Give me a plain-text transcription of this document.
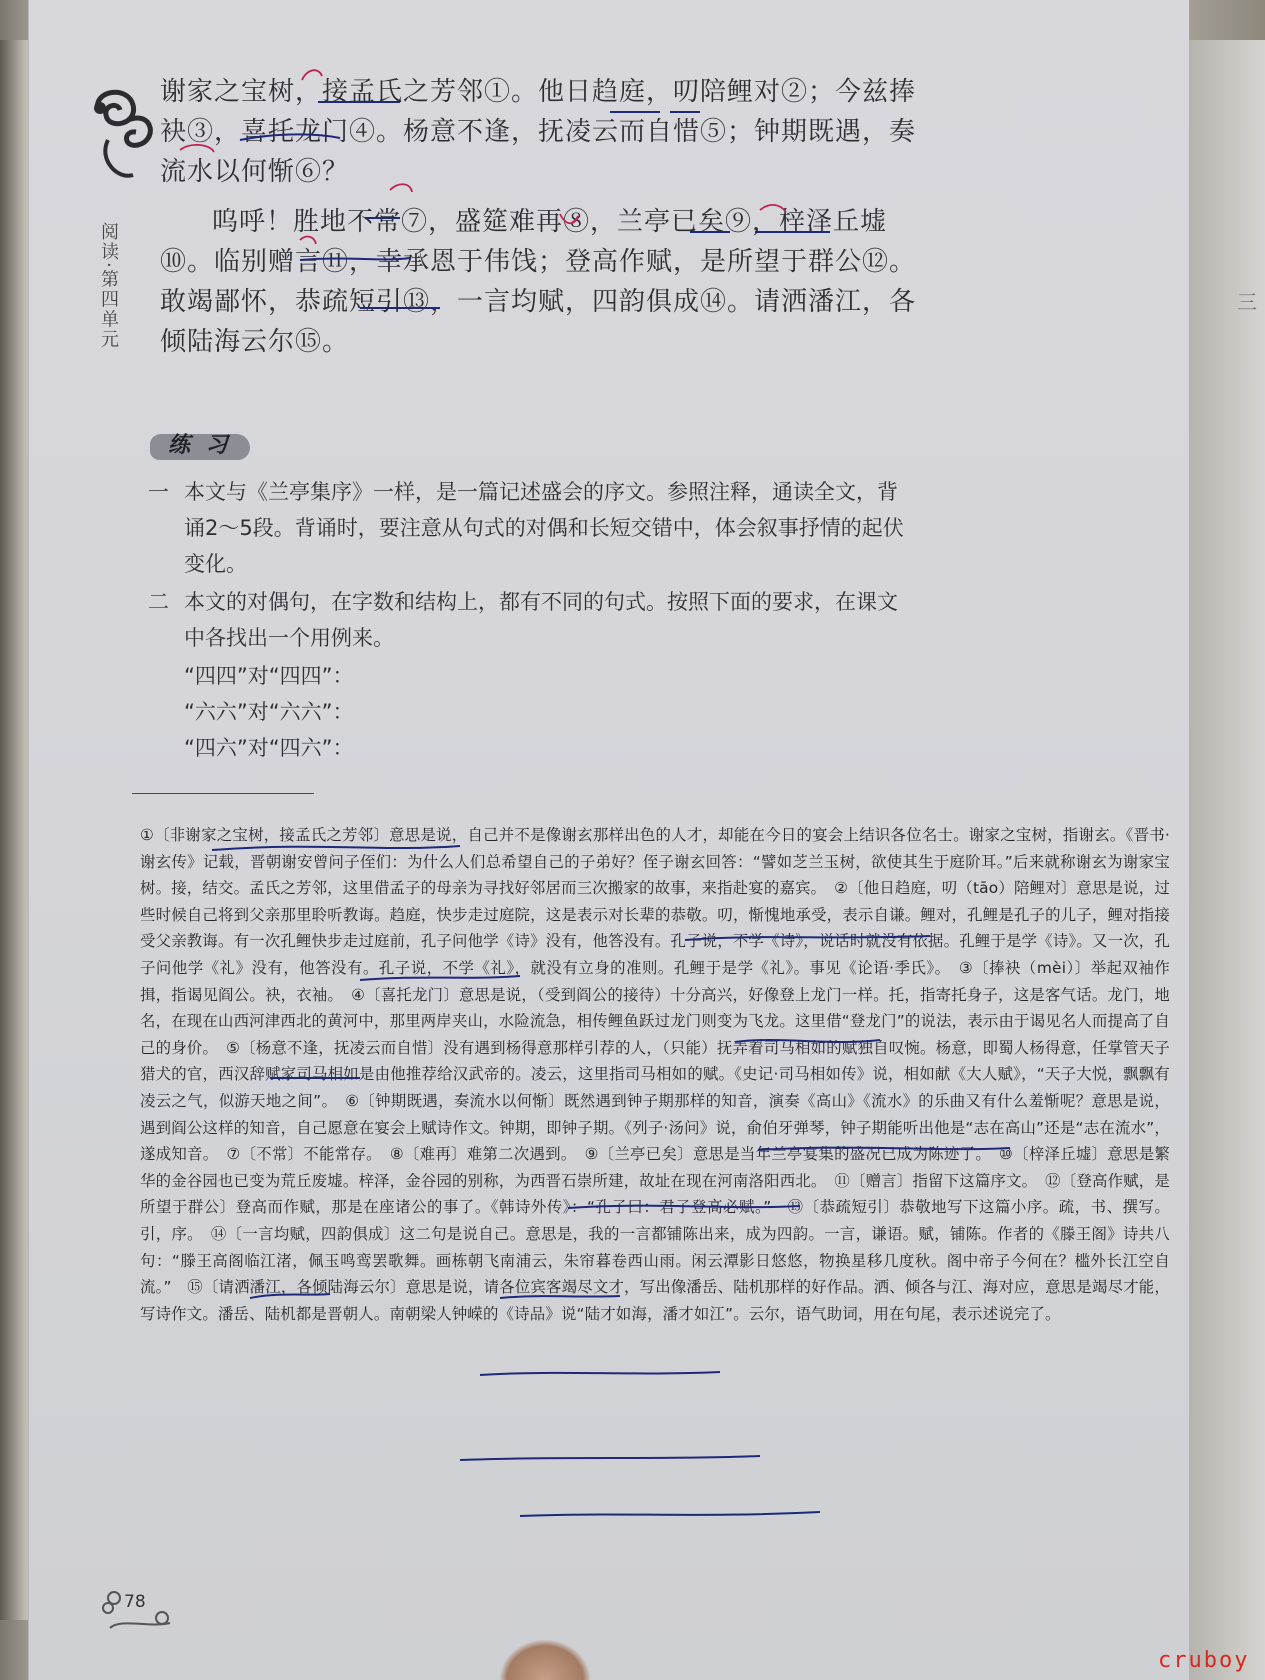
三
阅读·第四单元

谢家之宝树，接孟氏之芳邻①。他日趋庭，叨陪鲤对②；今兹捧袂③，喜托龙门④。杨意不逢，抚凌云而自惜⑤；钟期既遇，奏流水以何惭⑥？

呜呼！胜地不常⑦，盛筵难再⑧，兰亭已矣⑨，梓泽丘墟⑩。临别赠言⑪，幸承恩于伟饯；登高作赋，是所望于群公⑫。敢竭鄙怀，恭疏短引⑬，一言均赋，四韵俱成⑭。请洒潘江，各倾陆海云尔⑮。

练 习
一 本文与《兰亭集序》一样，是一篇记述盛会的序文。参照注释，通读全文，背诵2～5段。背诵时，要注意从句式的对偶和长短交错中，体会叙事抒情的起伏变化。
二 本文的对偶句，在字数和结构上，都有不同的句式。按照下面的要求，在课文中各找出一个用例来。
“四四”对“四四”：
“六六”对“六六”：
“四六”对“四六”：
①〔非谢家之宝树，接孟氏之芳邻〕意思是说，自己并不是像谢玄那样出色的人才，却能在今日的宴会上结识各位名士。谢家之宝树，指谢玄。《晋书·谢玄传》记载，晋朝谢安曾问子侄们：为什么人们总希望自己的子弟好？侄子谢玄回答：“譬如芝兰玉树，欲使其生于庭阶耳。”后来就称谢玄为谢家宝树。接，结交。孟氏之芳邻，这里借孟子的母亲为寻找好邻居而三次搬家的故事，来指赴宴的嘉宾。　②〔他日趋庭，叨（tāo）陪鲤对〕意思是说，过些时候自己将到父亲那里聆听教诲。趋庭，快步走过庭院，这是表示对长辈的恭敬。叨，惭愧地承受，表示自谦。鲤对，孔鲤是孔子的儿子，鲤对指接受父亲教诲。有一次孔鲤快步走过庭前，孔子问他学《诗》没有，他答没有。孔子说，不学《诗》，说话时就没有依据。孔鲤于是学《诗》。又一次，孔子问他学《礼》没有，他答没有。孔子说，不学《礼》，就没有立身的准则。孔鲤于是学《礼》。事见《论语·季氏》。　③〔捧袂（mèi）〕举起双袖作揖，指谒见阎公。袂，衣袖。　④〔喜托龙门〕意思是说，（受到阎公的接待）十分高兴，好像登上龙门一样。托，指寄托身子，这是客气话。龙门，地名，在现在山西河津西北的黄河中，那里两岸夹山，水险流急，相传鲤鱼跃过龙门则变为飞龙。这里借“登龙门”的说法，表示由于谒见名人而提高了自己的身价。　⑤〔杨意不逢，抚凌云而自惜〕没有遇到杨得意那样引荐的人，（只能）抚弄着司马相如的赋独自叹惋。杨意，即蜀人杨得意，任掌管天子猎犬的官，西汉辞赋家司马相如是由他推荐给汉武帝的。凌云，这里指司马相如的赋。《史记·司马相如传》说，相如献《大人赋》，“天子大悦，飘飘有凌云之气，似游天地之间”。　⑥〔钟期既遇，奏流水以何惭〕既然遇到钟子期那样的知音，演奏《高山》《流水》的乐曲又有什么羞惭呢？意思是说，遇到阎公这样的知音，自己愿意在宴会上赋诗作文。钟期，即钟子期。《列子·汤问》说，俞伯牙弹琴，钟子期能听出他是“志在高山”还是“志在流水”，遂成知音。　⑦〔不常〕不能常存。　⑧〔难再〕难第二次遇到。　⑨〔兰亭已矣〕意思是当年兰亭宴集的盛况已成为陈迹了。　⑩〔梓泽丘墟〕意思是繁华的金谷园也已变为荒丘废墟。梓泽，金谷园的别称，为西晋石崇所建，故址在现在河南洛阳西北。　⑪〔赠言〕指留下这篇序文。　⑫〔登高作赋，是所望于群公〕登高而作赋，那是在座诸公的事了。《韩诗外传》：“孔子曰：君子登高必赋。”　⑬〔恭疏短引〕恭敬地写下这篇小序。疏，书、撰写。引，序。　⑭〔一言均赋，四韵俱成〕这二句是说自己。意思是，我的一言都铺陈出来，成为四韵。一言，谦语。赋，铺陈。作者的《滕王阁》诗共八句：“滕王高阁临江渚，佩玉鸣鸾罢歌舞。画栋朝飞南浦云，朱帘暮卷西山雨。闲云潭影日悠悠，物换星移几度秋。阁中帝子今何在？槛外长江空自流。”　⑮〔请洒潘江，各倾陆海云尔〕意思是说，请各位宾客竭尽文才，写出像潘岳、陆机那样的好作品。洒、倾各与江、海对应，意思是竭尽才能，写诗作文。潘岳、陆机都是晋朝人。南朝梁人钟嵘的《诗品》说“陆才如海，潘才如江”。云尔，语气助词，用在句尾，表示述说完了。
78
cruboy
